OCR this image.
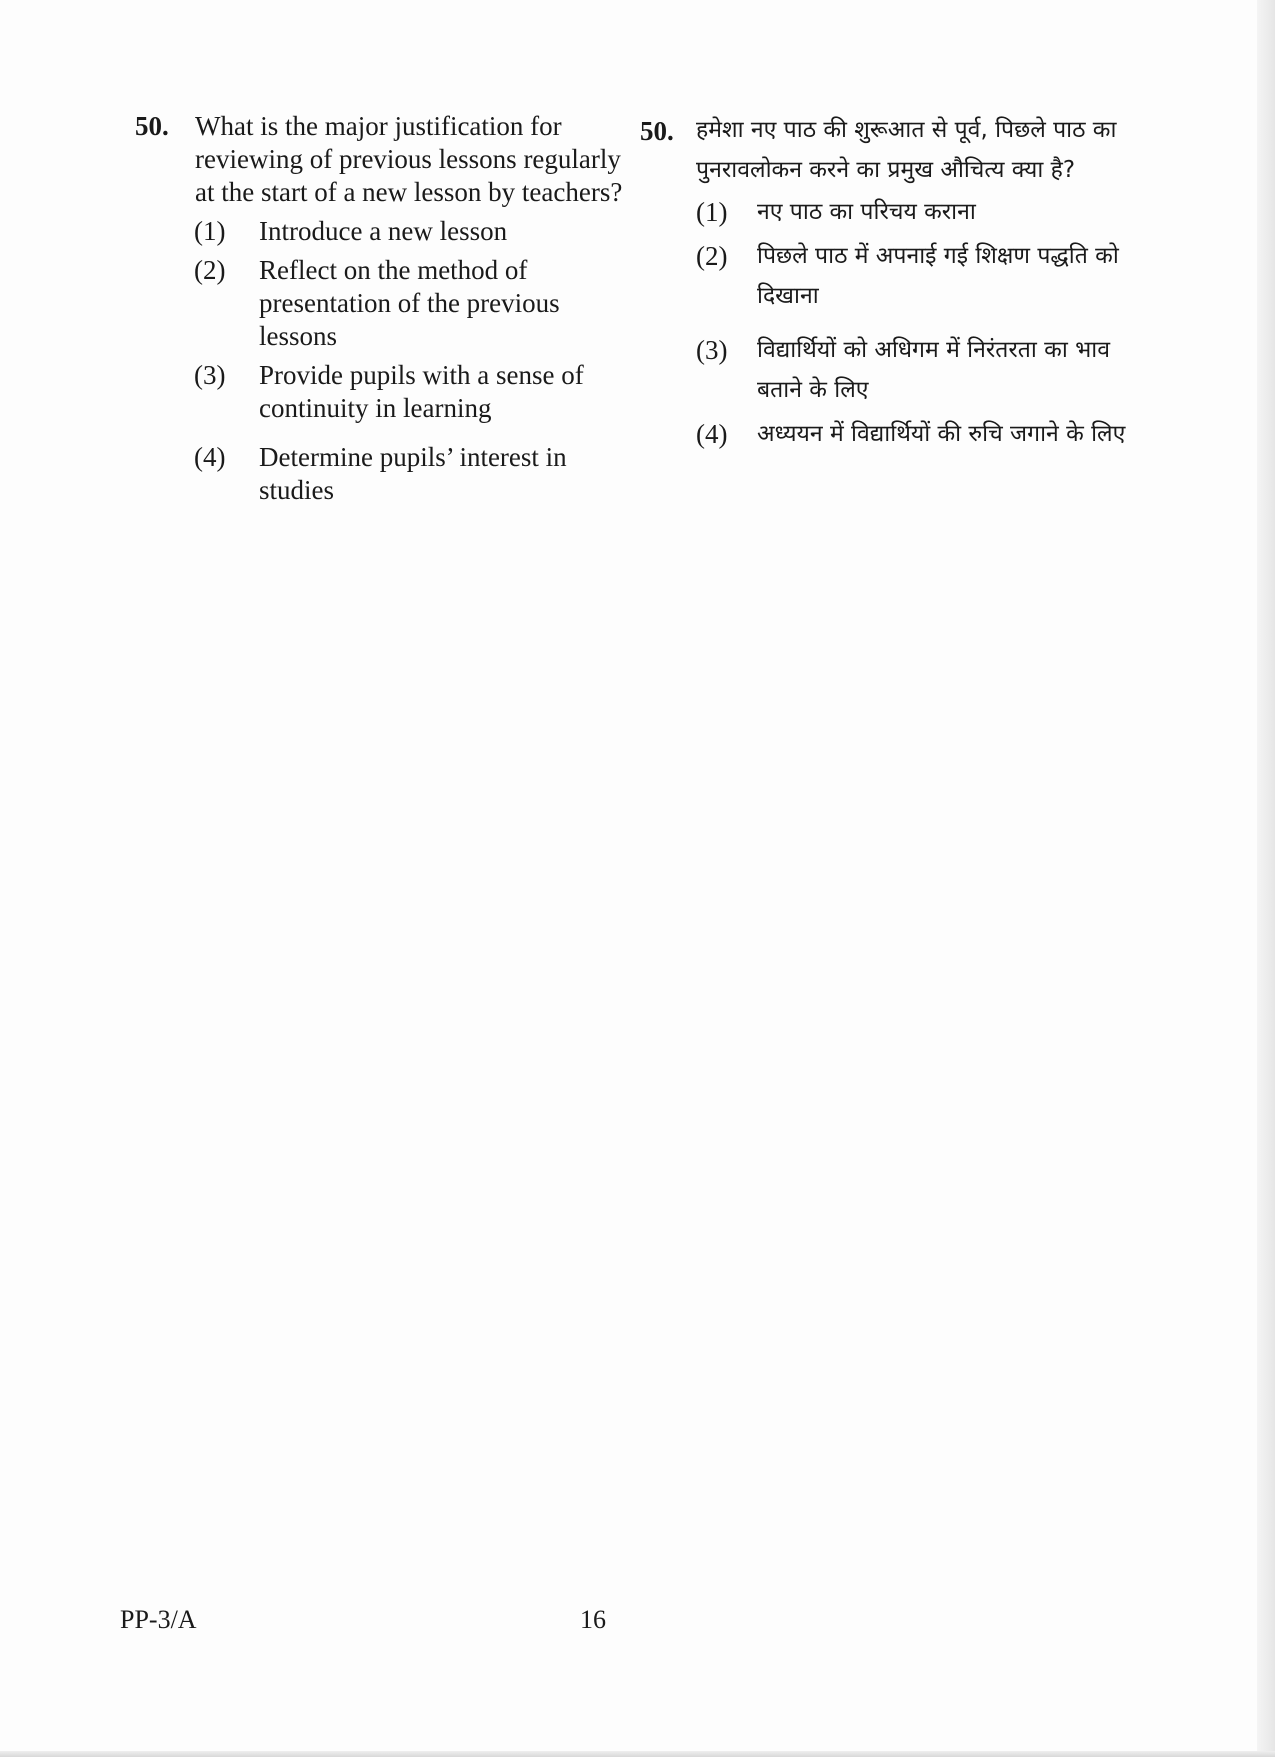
50. What is the major justification for reviewing of previous lessons regularly at the start of a new lesson by teachers?
(1)	Introduce a new lesson
(2)	Reflect on the method of presentation of the previous lessons
(3)	Provide pupils with a sense of continuity in learning
(4)	Determine pupils’ interest in studies
50. हमेशा नए पाठ की शुरूआत से पूर्व, पिछले पाठ का पुनरावलोकन करने का प्रमुख औचित्य क्या है?
(1)	नए पाठ का परिचय कराना
(2)	पिछले पाठ में अपनाई गई शिक्षण पद्धति को दिखाना
(3)	विद्यार्थियों को अधिगम में निरंतरता का भाव बताने के लिए
(4)	अध्ययन में विद्यार्थियों की रुचि जगाने के लिए
PP-3/A	16
